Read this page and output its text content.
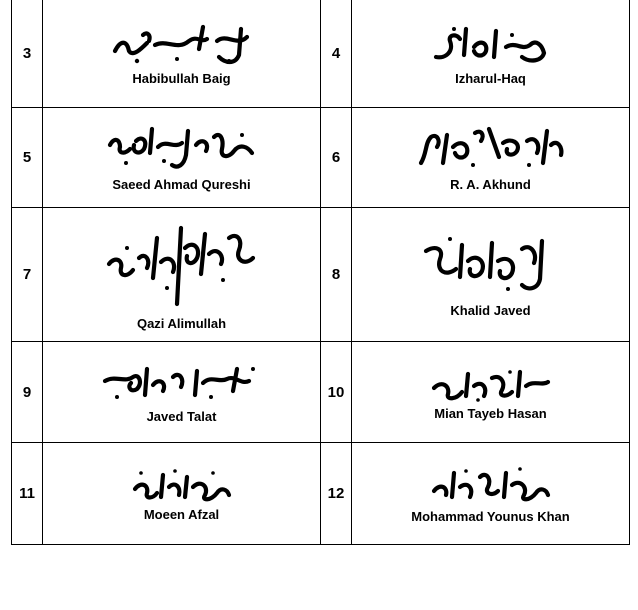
3	Habibullah Baig	4	Izharul-Haq

5	Saeed Ahmad Qureshi	6	R. A. Akhund

7	Qazi Alimullah	8	Khalid Javed

9	Javed Talat	10	Mian Tayeb Hasan

11	Moeen Afzal	12	Mohammad Younus Khan
